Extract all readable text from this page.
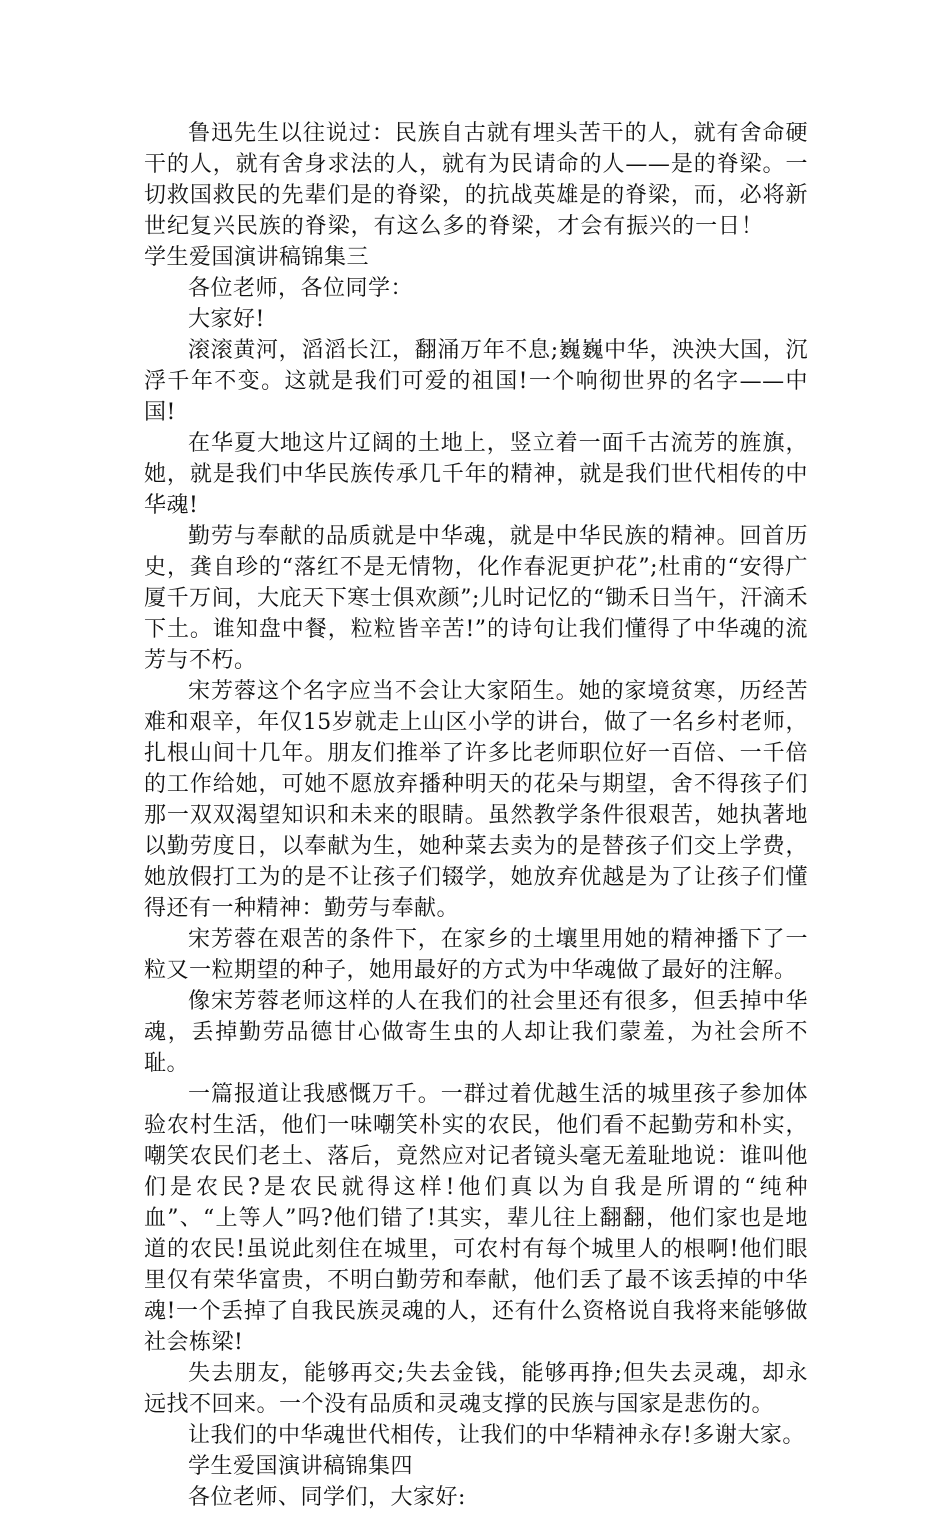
鲁迅先生以往说过：民族自古就有埋头苦干的人，就有舍命硬干的人，就有舍身求法的人，就有为民请命的人——是的脊梁。一切救国救民的先辈们是的脊梁，的抗战英雄是的脊梁，而，必将新世纪复兴民族的脊梁，有这么多的脊梁，才会有振兴的一日！学生爱国演讲稿锦集三

各位老师，各位同学：

大家好!

滚滚黄河，滔滔长江，翻涌万年不息;巍巍中华，泱泱大国，沉浮千年不变。这就是我们可爱的祖国!一个响彻世界的名字——中国!

在华夏大地这片辽阔的土地上，竖立着一面千古流芳的旌旗，她，就是我们中华民族传承几千年的精神，就是我们世代相传的中华魂!

勤劳与奉献的品质就是中华魂，就是中华民族的精神。回首历史，龚自珍的“落红不是无情物，化作春泥更护花”;杜甫的“安得广厦千万间，大庇天下寒士俱欢颜”;儿时记忆的“锄禾日当午，汗滴禾下土。谁知盘中餐，粒粒皆辛苦!”的诗句让我们懂得了中华魂的流芳与不朽。

宋芳蓉这个名字应当不会让大家陌生。她的家境贫寒，历经苦难和艰辛，年仅15岁就走上山区小学的讲台，做了一名乡村老师，扎根山间十几年。朋友们推举了许多比老师职位好一百倍、一千倍的工作给她，可她不愿放弃播种明天的花朵与期望，舍不得孩子们那一双双渴望知识和未来的眼睛。虽然教学条件很艰苦，她执著地以勤劳度日，以奉献为生，她种菜去卖为的是替孩子们交上学费，她放假打工为的是不让孩子们辍学，她放弃优越是为了让孩子们懂得还有一种精神：勤劳与奉献。

宋芳蓉在艰苦的条件下，在家乡的土壤里用她的精神播下了一粒又一粒期望的种子，她用最好的方式为中华魂做了最好的注解。

像宋芳蓉老师这样的人在我们的社会里还有很多，但丢掉中华魂，丢掉勤劳品德甘心做寄生虫的人却让我们蒙羞，为社会所不耻。

一篇报道让我感慨万千。一群过着优越生活的城里孩子参加体验农村生活，他们一味嘲笑朴实的农民，他们看不起勤劳和朴实，嘲笑农民们老土、落后，竟然应对记者镜头毫无羞耻地说：谁叫他们是农民?是农民就得这样!他们真以为自我是所谓的“纯种血”、“上等人”吗?他们错了!其实，辈儿往上翻翻，他们家也是地道的农民!虽说此刻住在城里，可农村有每个城里人的根啊!他们眼里仅有荣华富贵，不明白勤劳和奉献，他们丢了最不该丢掉的中华魂!一个丢掉了自我民族灵魂的人，还有什么资格说自我将来能够做社会栋梁!

失去朋友，能够再交;失去金钱，能够再挣;但失去灵魂，却永远找不回来。一个没有品质和灵魂支撑的民族与国家是悲伤的。

让我们的中华魂世代相传，让我们的中华精神永存!多谢大家。

学生爱国演讲稿锦集四

各位老师、同学们，大家好:
